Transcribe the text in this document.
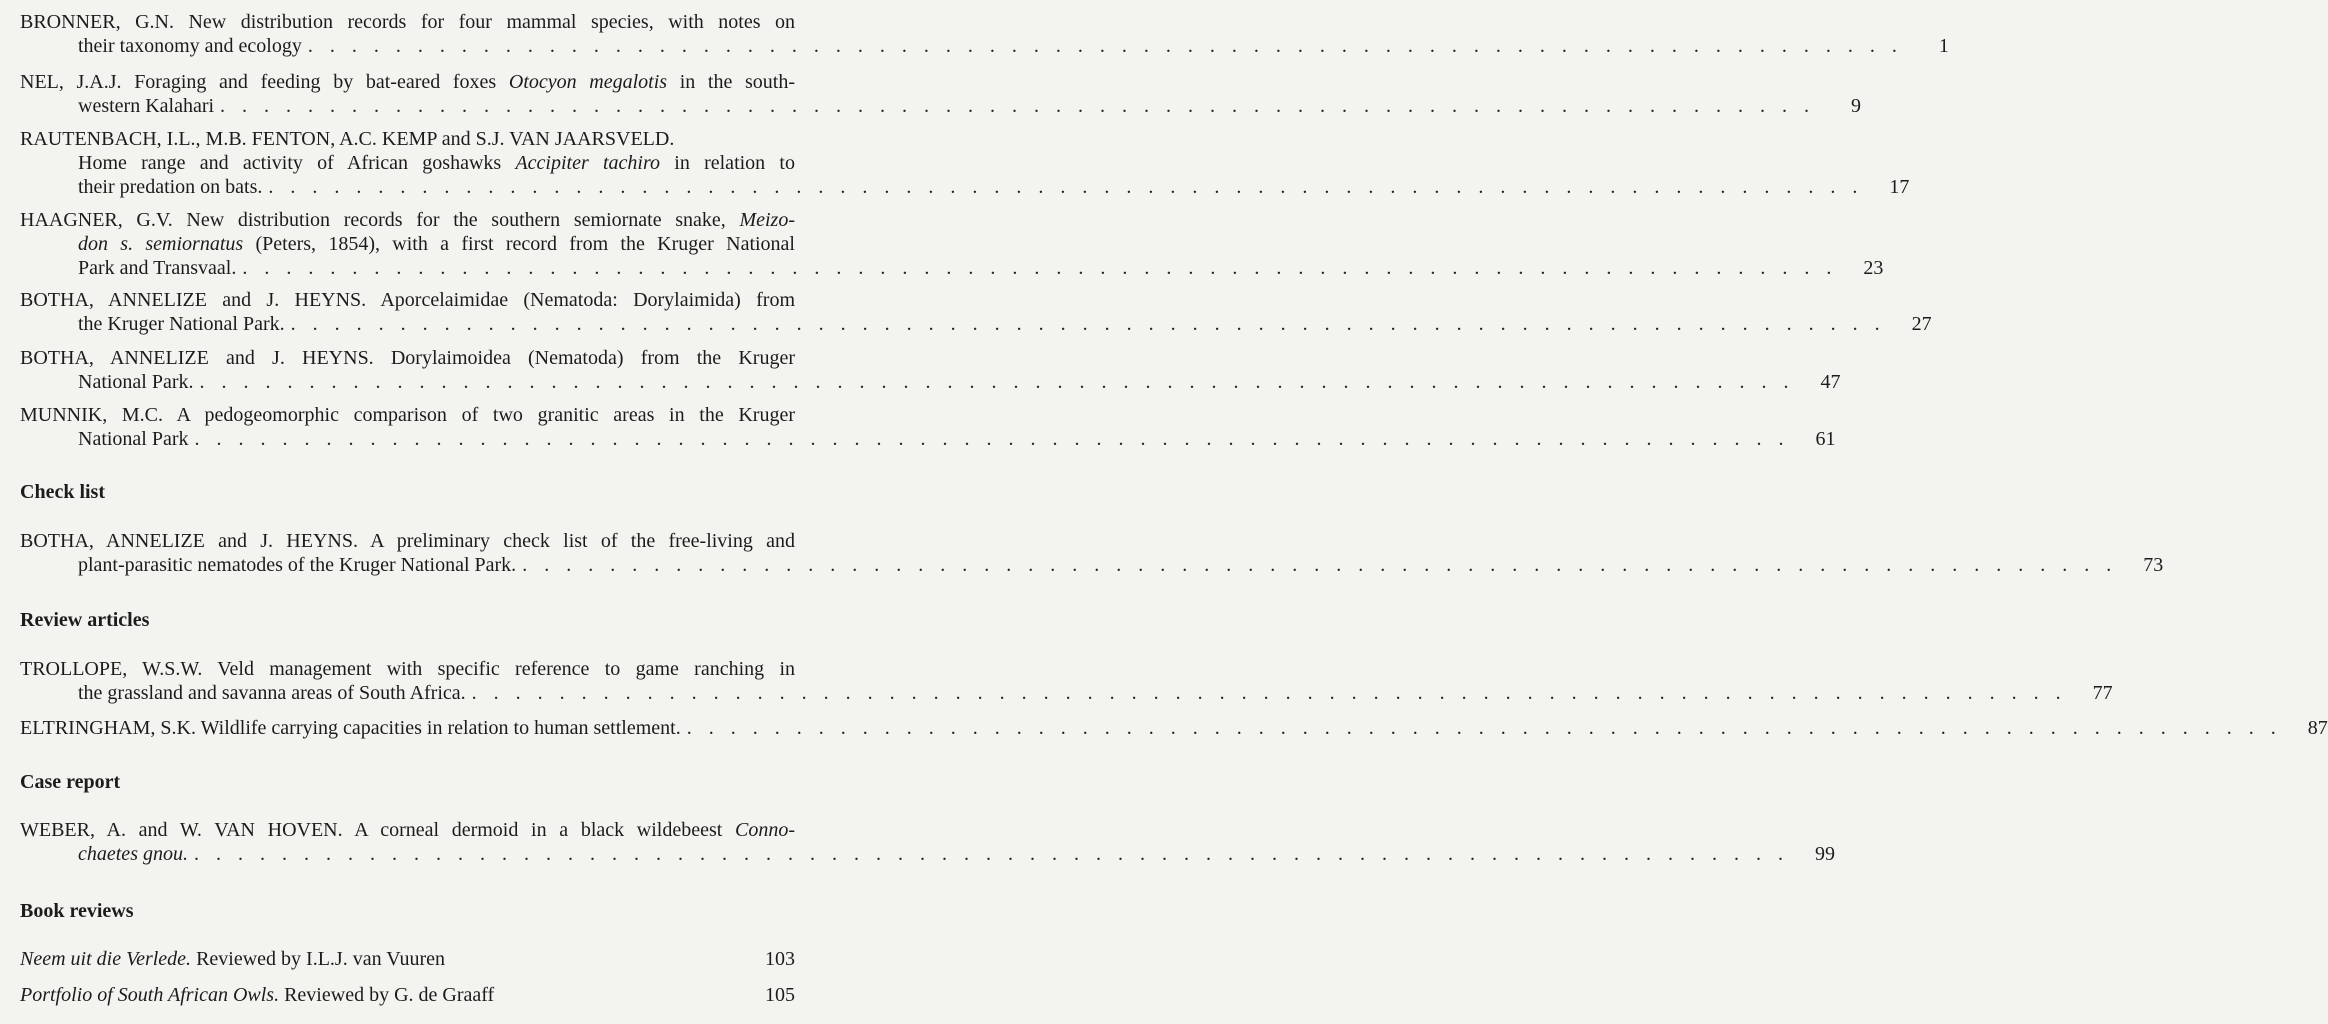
BRONNER, G.N. New distribution records for four mammal species, with notes on
their taxonomy and ecology . . . . . . . . . . . . . . . . . . . . . . . . . . . . . . . . . . . . . . . . . . . . . . . . . . . . . . . . . . . . . . . . . . . . . . . . .	1
NEL, J.A.J. Foraging and feeding by bat-eared foxes Otocyon megalotis in the south-
western Kalahari . . . . . . . . . . . . . . . . . . . . . . . . . . . . . . . . . . . . . . . . . . . . . . . . . . . . . . . . . . . . . . . . . . . . . . . . .	9
RAUTENBACH, I.L., M.B. FENTON, A.C. KEMP and S.J. VAN JAARSVELD.
Home range and activity of African goshawks Accipiter tachiro in relation to
their predation on bats. . . . . . . . . . . . . . . . . . . . . . . . . . . . . . . . . . . . . . . . . . . . . . . . . . . . . . . . . . . . . . . . . . . . . . . . . .	17
HAAGNER, G.V. New distribution records for the southern semiornate snake, Meizo-
don s. semiornatus (Peters, 1854), with a first record from the Kruger National
Park and Transvaal. . . . . . . . . . . . . . . . . . . . . . . . . . . . . . . . . . . . . . . . . . . . . . . . . . . . . . . . . . . . . . . . . . . . . . . . . .	23
BOTHA, ANNELIZE and J. HEYNS. Aporcelaimidae (Nematoda: Dorylaimida) from
the Kruger National Park. . . . . . . . . . . . . . . . . . . . . . . . . . . . . . . . . . . . . . . . . . . . . . . . . . . . . . . . . . . . . . . . . . . . . . . . . .	27
BOTHA, ANNELIZE and J. HEYNS. Dorylaimoidea (Nematoda) from the Kruger
National Park. . . . . . . . . . . . . . . . . . . . . . . . . . . . . . . . . . . . . . . . . . . . . . . . . . . . . . . . . . . . . . . . . . . . . . . . . .	47
MUNNIK, M.C. A pedogeomorphic comparison of two granitic areas in the Kruger
National Park . . . . . . . . . . . . . . . . . . . . . . . . . . . . . . . . . . . . . . . . . . . . . . . . . . . . . . . . . . . . . . . . . . . . . . . . .	61
Check list
BOTHA, ANNELIZE and J. HEYNS. A preliminary check list of the free-living and
plant-parasitic nematodes of the Kruger National Park. . . . . . . . . . . . . . . . . . . . . . . . . . . . . . . . . . . . . . . . . . . . . . . . . . . . . . . . . . . . . . . . . . . . . . . . . .	73
Review articles
TROLLOPE, W.S.W. Veld management with specific reference to game ranching in
the grassland and savanna areas of South Africa. . . . . . . . . . . . . . . . . . . . . . . . . . . . . . . . . . . . . . . . . . . . . . . . . . . . . . . . . . . . . . . . . . . . . . . . . .	77
ELTRINGHAM, S.K. Wildlife carrying capacities in relation to human settlement. . . . . . . . . . . . . . . . . . . . . . . . . . . . . . . . . . . . . . . . . . . . . . . . . . . . . . . . . . . . . . . . . . . . . . . . . .	87
Case report
WEBER, A. and W. VAN HOVEN. A corneal dermoid in a black wildebeest Conno-
chaetes gnou. . . . . . . . . . . . . . . . . . . . . . . . . . . . . . . . . . . . . . . . . . . . . . . . . . . . . . . . . . . . . . . . . . . . . . . . . .	99
Book reviews
Neem uit die Verlede. Reviewed by I.L.J. van Vuuren	103
Portfolio of South African Owls. Reviewed by G. de Graaff	105
